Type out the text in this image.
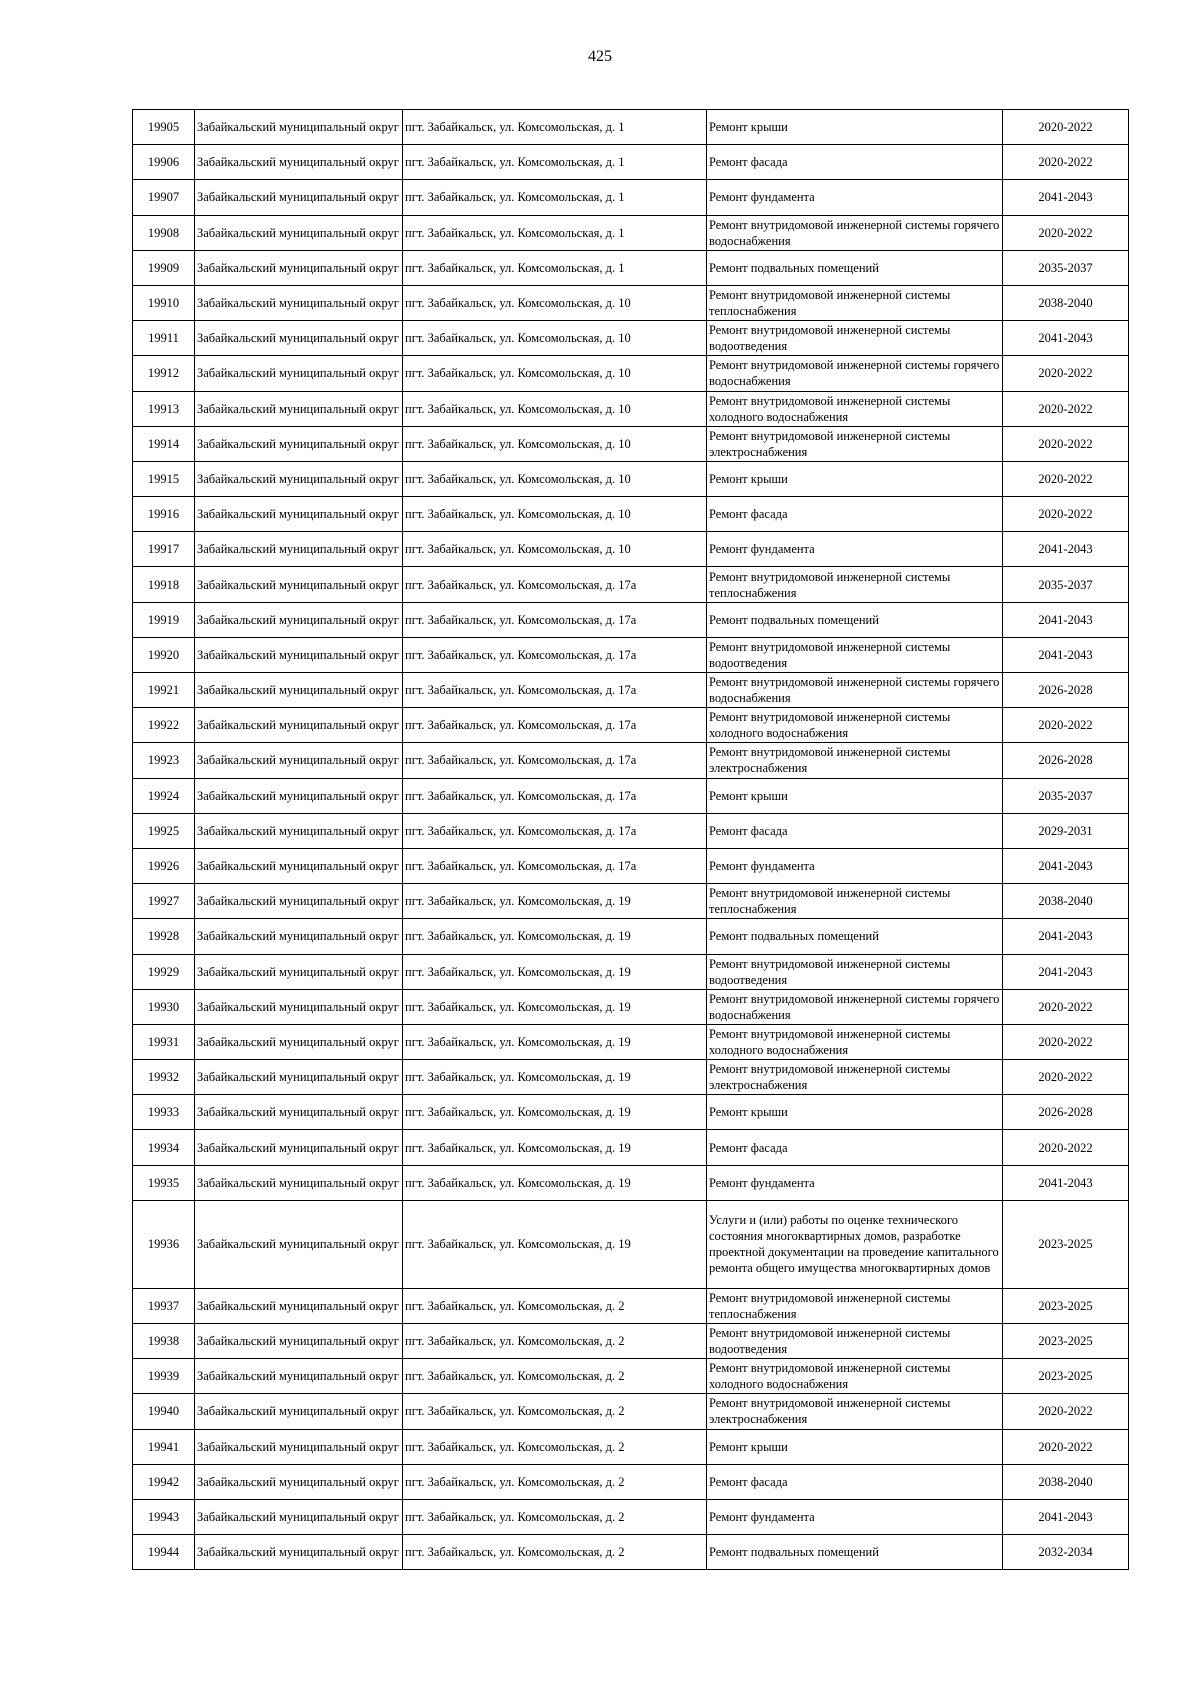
425
19905	Забайкальский муниципальный округ	пгт. Забайкальск, ул. Комсомольская, д. 1	Ремонт крыши	2020-2022
19906	Забайкальский муниципальный округ	пгт. Забайкальск, ул. Комсомольская, д. 1	Ремонт фасада	2020-2022
19907	Забайкальский муниципальный округ	пгт. Забайкальск, ул. Комсомольская, д. 1	Ремонт фундамента	2041-2043
19908	Забайкальский муниципальный округ	пгт. Забайкальск, ул. Комсомольская, д. 1	Ремонт внутридомовой инженерной системы горячего водоснабжения	2020-2022
19909	Забайкальский муниципальный округ	пгт. Забайкальск, ул. Комсомольская, д. 1	Ремонт подвальных помещений	2035-2037
19910	Забайкальский муниципальный округ	пгт. Забайкальск, ул. Комсомольская, д. 10	Ремонт внутридомовой инженерной системы теплоснабжения	2038-2040
19911	Забайкальский муниципальный округ	пгт. Забайкальск, ул. Комсомольская, д. 10	Ремонт внутридомовой инженерной системы водоотведения	2041-2043
19912	Забайкальский муниципальный округ	пгт. Забайкальск, ул. Комсомольская, д. 10	Ремонт внутридомовой инженерной системы горячего водоснабжения	2020-2022
19913	Забайкальский муниципальный округ	пгт. Забайкальск, ул. Комсомольская, д. 10	Ремонт внутридомовой инженерной системы холодного водоснабжения	2020-2022
19914	Забайкальский муниципальный округ	пгт. Забайкальск, ул. Комсомольская, д. 10	Ремонт внутридомовой инженерной системы электроснабжения	2020-2022
19915	Забайкальский муниципальный округ	пгт. Забайкальск, ул. Комсомольская, д. 10	Ремонт крыши	2020-2022
19916	Забайкальский муниципальный округ	пгт. Забайкальск, ул. Комсомольская, д. 10	Ремонт фасада	2020-2022
19917	Забайкальский муниципальный округ	пгт. Забайкальск, ул. Комсомольская, д. 10	Ремонт фундамента	2041-2043
19918	Забайкальский муниципальный округ	пгт. Забайкальск, ул. Комсомольская, д. 17а	Ремонт внутридомовой инженерной системы теплоснабжения	2035-2037
19919	Забайкальский муниципальный округ	пгт. Забайкальск, ул. Комсомольская, д. 17а	Ремонт подвальных помещений	2041-2043
19920	Забайкальский муниципальный округ	пгт. Забайкальск, ул. Комсомольская, д. 17а	Ремонт внутридомовой инженерной системы водоотведения	2041-2043
19921	Забайкальский муниципальный округ	пгт. Забайкальск, ул. Комсомольская, д. 17а	Ремонт внутридомовой инженерной системы горячего водоснабжения	2026-2028
19922	Забайкальский муниципальный округ	пгт. Забайкальск, ул. Комсомольская, д. 17а	Ремонт внутридомовой инженерной системы холодного водоснабжения	2020-2022
19923	Забайкальский муниципальный округ	пгт. Забайкальск, ул. Комсомольская, д. 17а	Ремонт внутридомовой инженерной системы электроснабжения	2026-2028
19924	Забайкальский муниципальный округ	пгт. Забайкальск, ул. Комсомольская, д. 17а	Ремонт крыши	2035-2037
19925	Забайкальский муниципальный округ	пгт. Забайкальск, ул. Комсомольская, д. 17а	Ремонт фасада	2029-2031
19926	Забайкальский муниципальный округ	пгт. Забайкальск, ул. Комсомольская, д. 17а	Ремонт фундамента	2041-2043
19927	Забайкальский муниципальный округ	пгт. Забайкальск, ул. Комсомольская, д. 19	Ремонт внутридомовой инженерной системы теплоснабжения	2038-2040
19928	Забайкальский муниципальный округ	пгт. Забайкальск, ул. Комсомольская, д. 19	Ремонт подвальных помещений	2041-2043
19929	Забайкальский муниципальный округ	пгт. Забайкальск, ул. Комсомольская, д. 19	Ремонт внутридомовой инженерной системы водоотведения	2041-2043
19930	Забайкальский муниципальный округ	пгт. Забайкальск, ул. Комсомольская, д. 19	Ремонт внутридомовой инженерной системы горячего водоснабжения	2020-2022
19931	Забайкальский муниципальный округ	пгт. Забайкальск, ул. Комсомольская, д. 19	Ремонт внутридомовой инженерной системы холодного водоснабжения	2020-2022
19932	Забайкальский муниципальный округ	пгт. Забайкальск, ул. Комсомольская, д. 19	Ремонт внутридомовой инженерной системы электроснабжения	2020-2022
19933	Забайкальский муниципальный округ	пгт. Забайкальск, ул. Комсомольская, д. 19	Ремонт крыши	2026-2028
19934	Забайкальский муниципальный округ	пгт. Забайкальск, ул. Комсомольская, д. 19	Ремонт фасада	2020-2022
19935	Забайкальский муниципальный округ	пгт. Забайкальск, ул. Комсомольская, д. 19	Ремонт фундамента	2041-2043
19936	Забайкальский муниципальный округ	пгт. Забайкальск, ул. Комсомольская, д. 19	Услуги и (или) работы по оценке технического состояния многоквартирных домов, разработке проектной документации на проведение капитального ремонта общего имущества многоквартирных домов	2023-2025
19937	Забайкальский муниципальный округ	пгт. Забайкальск, ул. Комсомольская, д. 2	Ремонт внутридомовой инженерной системы теплоснабжения	2023-2025
19938	Забайкальский муниципальный округ	пгт. Забайкальск, ул. Комсомольская, д. 2	Ремонт внутридомовой инженерной системы водоотведения	2023-2025
19939	Забайкальский муниципальный округ	пгт. Забайкальск, ул. Комсомольская, д. 2	Ремонт внутридомовой инженерной системы холодного водоснабжения	2023-2025
19940	Забайкальский муниципальный округ	пгт. Забайкальск, ул. Комсомольская, д. 2	Ремонт внутридомовой инженерной системы электроснабжения	2020-2022
19941	Забайкальский муниципальный округ	пгт. Забайкальск, ул. Комсомольская, д. 2	Ремонт крыши	2020-2022
19942	Забайкальский муниципальный округ	пгт. Забайкальск, ул. Комсомольская, д. 2	Ремонт фасада	2038-2040
19943	Забайкальский муниципальный округ	пгт. Забайкальск, ул. Комсомольская, д. 2	Ремонт фундамента	2041-2043
19944	Забайкальский муниципальный округ	пгт. Забайкальск, ул. Комсомольская, д. 2	Ремонт подвальных помещений	2032-2034
